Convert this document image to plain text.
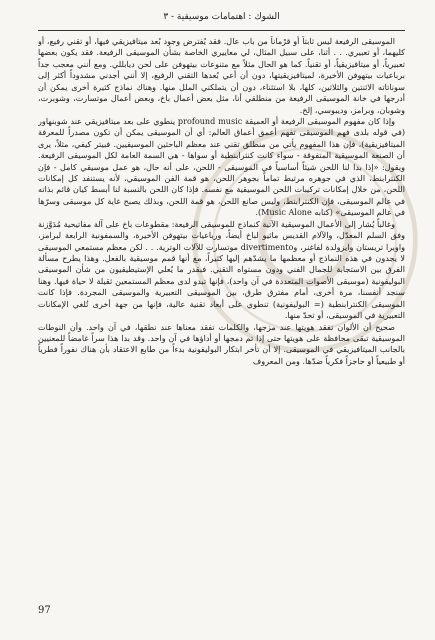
الشوك : اهتمامات موسيقية - ٣

الموسيقى الرفيعة ليس ثابتاً أو قرْماناً من باب عال. فقد يُفترض وجود بُعد ميتافيزيقي فيها، أو تقني رفيع، أو كليهما، أو تعبيري. . . أثنا، على سبيل المثال، لي معاييري الخاصة بشأن الموسيقى الرفيعة. فقد يكون بعضها تعبيرياً، أو ميتافيزيقياً، أو تقنياً. كما هو الحال مثلاً مع متنوعات بيتهوفن على لحن ديابللي. ومع أنني معجب جداً برباعيات بيتهوفن الأخيرة، لميتافيزيقيتها، دون أن أعي بُعدها التقني الرفيع، إلا أنني أجدني مشدوداً أكثر إلى سوناتاته الاثنتين والثلاثين، كلها، بلا استثناء، دون أن يتملكني الملل منها. وهناك نماذج كثيرة أخرى يمكن أن أدرجها في خانة الموسيقى الرفيعة من منطلقي أنا، مثل بعض أعمال باخ، وبعض أعمال موتسارت، وشوبرت، وشوبان، وبرامز، وديبوسي، إلخ.

وإذا كان مفهوم الموسيقى الرفيعة أو العميقة profound music ينطوي على بعد ميتافيزيقي عند شوبنهاور (في قوله بلدى فهم الموسيقى تفهم أعمق أعماق العالم: أي أن الموسيقى يمكن أن تكون مصدراً للمعرفة الميتافيزيقية)، فإن هذا المفهوم يأتي من منطلق تقني عند معظم الباحثين الموسيقيين. فبيتر كيفي، مثلاً، يرى أن الصنعة الموسيقية المتفوقة - سواء كانت كنترابنطية أو سواها - هي السمة العامة لكل الموسيقى الرفيعة. ويقول: «إذا بدا لنا اللحن شيئاً أساسياً في الموسيقى - اللحن، على أنه حال، هو عمل موسيقي كامل - فإن الكنترابنط، الذي في جوهره مرتبط تماماً بجوهر اللحن، هو قمة الفن الموسيقي، لأنه يستنفد كل إمكانات اللحن، من خلال إمكانات تركيبات اللحن الموسيقية مع نفسه. فإذا كان اللحن بالنسبة لنا أبسط كيان قائم بذاته في عالم الموسيقى، فإن الكنترابنط، وليس صانع اللحن، هو قمة اللحن، وبذلك يصبح غاية كل موسيقى وسرّها في عالم الموسيقى» (كتابه Music Alone).

وغالباً يُشار إلى الأعمال الموسيقية الآتية كنماذج للموسيقى الرفيعة: مقطوعات باخ على آلة مفاتيحية مُدَوَّزنة وفق السلم المعدّل، والآلام القديس ماثيو لباخ أيضاً، ورباعيات بيتهوفن الأخيرة، والسمفونية الرابعة لبرامز، واوبرا تريستان وايزولدة لفاغنر، وdivertimento موتسارت للآلات الوترية. . . لكن معظم مستمعي الموسيقى لا يجدون في هذه النماذج أو معظمها ما يشدّهم إليها كثيراً، مع أنها قمم موسيقية بالفعل. وهذا يطرح مسألة الفرق بين الاستجابة للجمال الفني ودون مستواه التقني. فبقدر ما يُعلي الإستيطيقيون من شأن الموسيقى البوليفونية (موسيقى الأصوات المتعددة في آن واحد)، فإنها تبدو لدى معظم المستمعين ثقيلة لا حياة فيها. وهنا سنجد أنفسنا، مرة أخرى، أمام مفترق طرق، بين الموسيقى التعبيرية والموسيقى المجردة. فإذا كانت الموسيقى الكنترابنطية (= البوليفونية) تنطوي على أبعاد تقنية عالية، فإنها من جهة أخرى تُلغي الإمكانات التعبيرية في الموسيقى، أو تحدّ منها.

صحيح أن الألوان تفقد هويتها عند مزجها، والكلمات تفقد معناها عند نطقها، في آن واحد. وأن النوطات الموسيقية تبقى محافظة على هويتها حتى إذا تم دمجها أو أداؤها في آن واحد. وقد بدا هذا سراً غامضاً للمعنيين بالجانب الميتافيزيقي في الموسيقى. إلا أن تأخر ابتكار البوليفونية بدءاً من طابع الاعتقاد بأن هناك نفوراً فطرياً أو طبيعياً أو حاجزاً فكرياً ضدّها. ومن المعروف

97
